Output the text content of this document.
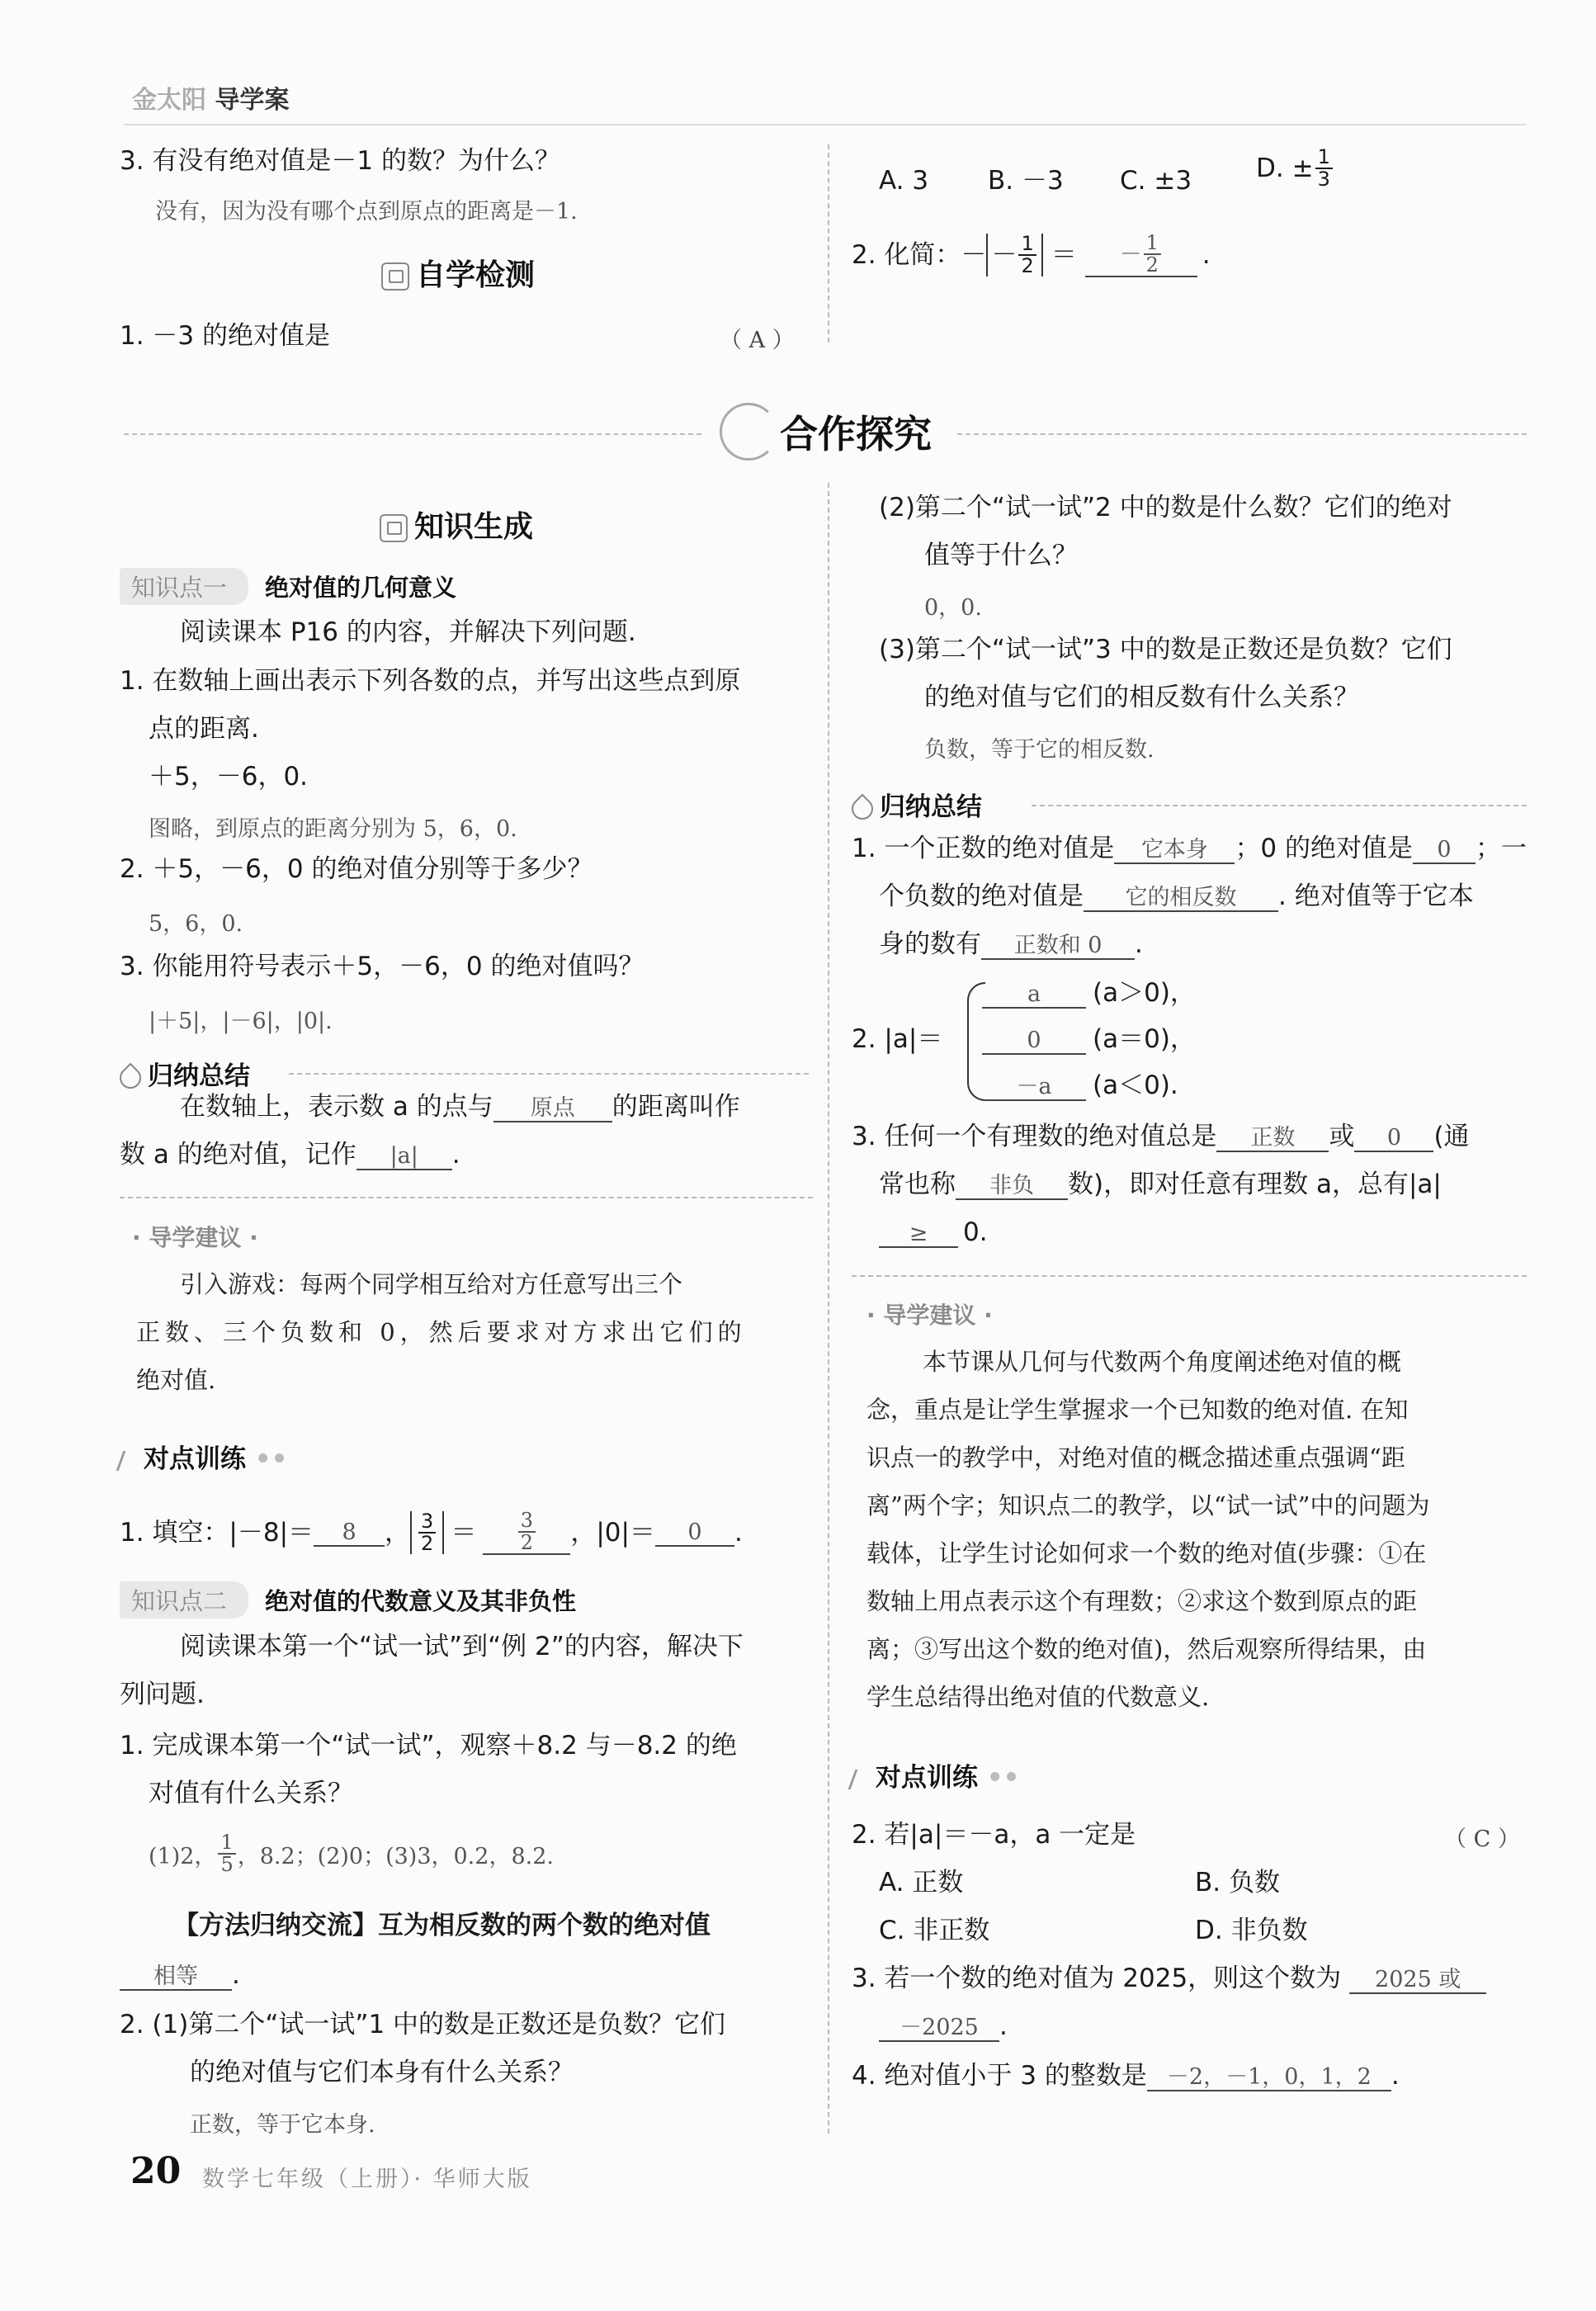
金太阳 导学案
3. 有没有绝对值是－1 的数？为什么？
没有，因为没有哪个点到原点的距离是－1.
自学检测
1. －3 的绝对值是	（ A ）
A. 3 B. －3 C. ±3	D. ± $\frac{1}{3}$
2. 化简：－ － $\frac{1}{2}$ ＝ － $\frac{1}{2}$ .
合作探究
知识生成
知识点一 绝对值的几何意义
阅读课本 P16 的内容，并解决下列问题.
1. 在数轴上画出表示下列各数的点，并写出这些点到原
点的距离.
＋5，－6，0.
图略，到原点的距离分别为 5，6，0.
2. ＋5，－6，0 的绝对值分别等于多少？
5，6，0.
3. 你能用符号表示＋5，－6，0 的绝对值吗？
|＋5|，|－6|，|0|.
归纳总结
在数轴上，表示数 a 的点与 原点 的距离叫作
数 a 的绝对值，记作 |a| .
· 导学建议 ·
引入游戏：每两个同学相互给对方任意写出三个
正数、三个负数和 0，然后要求对方求出它们的
绝对值.
对点训练 ••
1. 填空：|－8|＝	8	， $\frac{3}{2} = \frac{3}{2}$ ，|0|＝	0	.
知识点二 绝对值的代数意义及其非负性
阅读课本第一个“试一试”到“例 2”的内容，解决下
列问题.
1. 完成课本第一个“试一试”，观察＋8.2 与－8.2 的绝
对值有什么关系？
(1)2， $\frac{1}{5}$ ，8.2；(2)0；(3)3，0.2，8.2.
【方法归纳交流】互为相反数的两个数的绝对值
相等 .
2. (1)第二个“试一试”1 中的数是正数还是负数？它们
的绝对值与它们本身有什么关系？
正数，等于它本身.
(2)第二个“试一试”2 中的数是什么数？它们的绝对
值等于什么？
0，0.
(3)第二个“试一试”3 中的数是正数还是负数？它们
的绝对值与它们的相反数有什么关系？
负数，等于它的相反数.
归纳总结
1. 一个正数的绝对值是 它本身 ；0 的绝对值是 0 ；一
个负数的绝对值是 它的相反数 . 绝对值等于它本
身的数有 正数和 0 .
2. |a|＝
a (a＞0)，
0 (a＝0)，
－a (a＜0).
3. 任何一个有理数的绝对值总是 正数 或 0 (通
常也称 非负 数)，即对任意有理数 a，总有|a|
≥ 0.
· 导学建议 ·
本节课从几何与代数两个角度阐述绝对值的概
念，重点是让学生掌握求一个已知数的绝对值. 在知
识点一的教学中，对绝对值的概念描述重点强调“距
离”两个字；知识点二的教学，以“试一试”中的问题为
载体，让学生讨论如何求一个数的绝对值(步骤：①在
数轴上用点表示这个有理数；②求这个数到原点的距
离；③写出这个数的绝对值)，然后观察所得结果，由
学生总结得出绝对值的代数意义.
对点训练 ••
2. 若|a|＝－a，a 一定是	（ C ）
A. 正数	B. 负数
C. 非正数	D. 非负数
3. 若一个数的绝对值为 2025，则这个数为 2025 或
－2025 .
4. 绝对值小于 3 的整数是 －2，－1，0，1，2 .
20 数学七年级（上册）· 华师大版
